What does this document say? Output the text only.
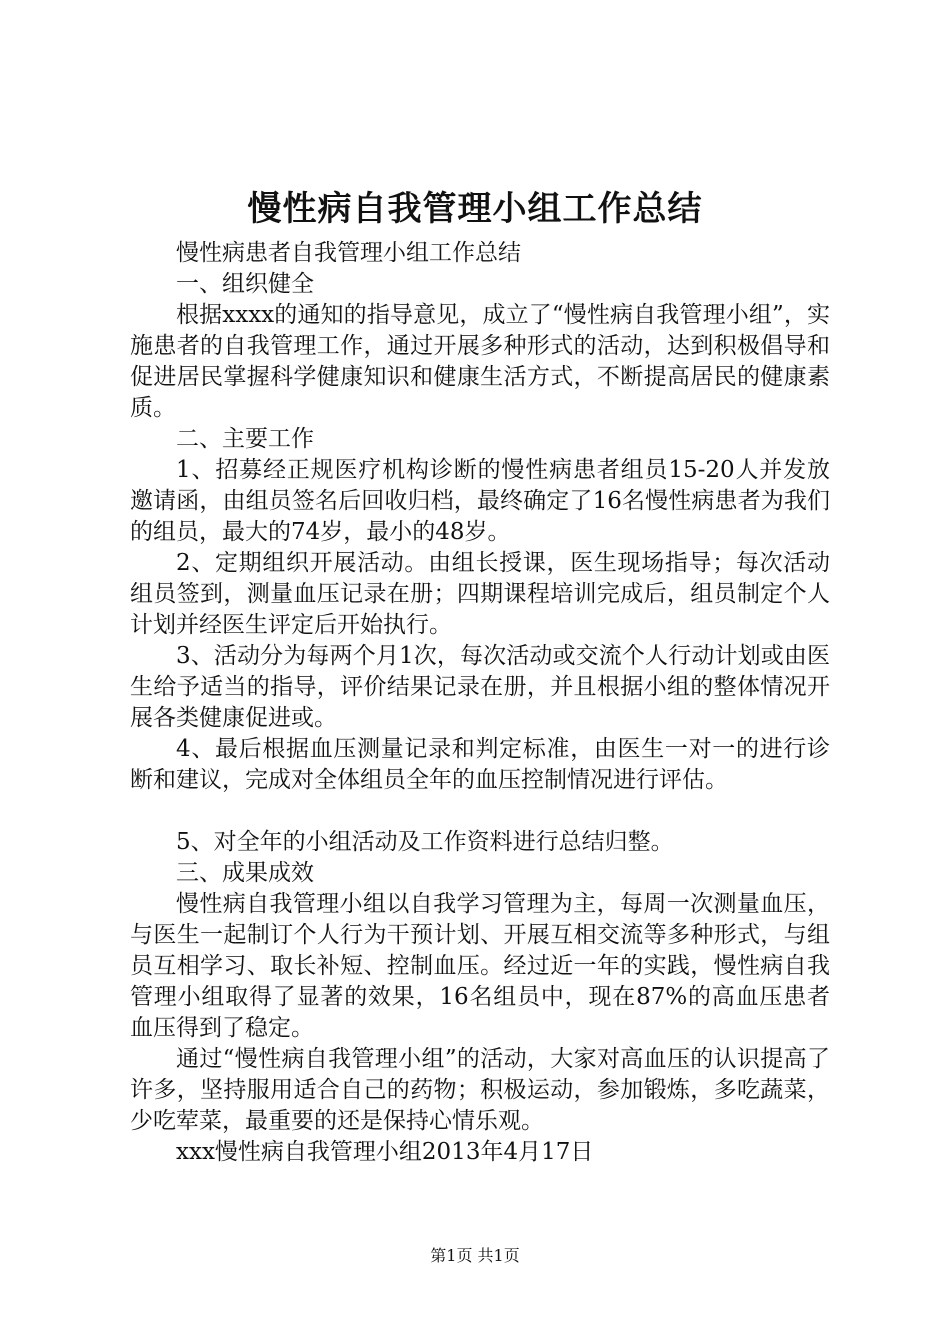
慢性病自我管理小组工作总结

慢性病患者自我管理小组工作总结

一、组织健全

根据xxxx的通知的指导意见，成立了“慢性病自我管理小组”，实施患者的自我管理工作，通过开展多种形式的活动，达到积极倡导和促进居民掌握科学健康知识和健康生活方式，不断提高居民的健康素质。

二、主要工作

1、招募经正规医疗机构诊断的慢性病患者组员15-20人并发放邀请函，由组员签名后回收归档，最终确定了16名慢性病患者为我们的组员，最大的74岁，最小的48岁。

2、定期组织开展活动。由组长授课，医生现场指导；每次活动组员签到，测量血压记录在册；四期课程培训完成后，组员制定个人计划并经医生评定后开始执行。

3、活动分为每两个月1次，每次活动或交流个人行动计划或由医生给予适当的指导，评价结果记录在册，并且根据小组的整体情况开展各类健康促进或。

4、最后根据血压测量记录和判定标准，由医生一对一的进行诊断和建议，完成对全体组员全年的血压控制情况进行评估。

5、对全年的小组活动及工作资料进行总结归整。

三、成果成效

慢性病自我管理小组以自我学习管理为主，每周一次测量血压，与医生一起制订个人行为干预计划、开展互相交流等多种形式，与组员互相学习、取长补短、控制血压。经过近一年的实践，慢性病自我管理小组取得了显著的效果，16名组员中，现在87%的高血压患者血压得到了稳定。

通过“慢性病自我管理小组”的活动，大家对高血压的认识提高了许多，坚持服用适合自己的药物；积极运动，参加锻炼，多吃蔬菜，少吃荤菜，最重要的还是保持心情乐观。

xxx慢性病自我管理小组2013年4月17日

第1页 共1页
